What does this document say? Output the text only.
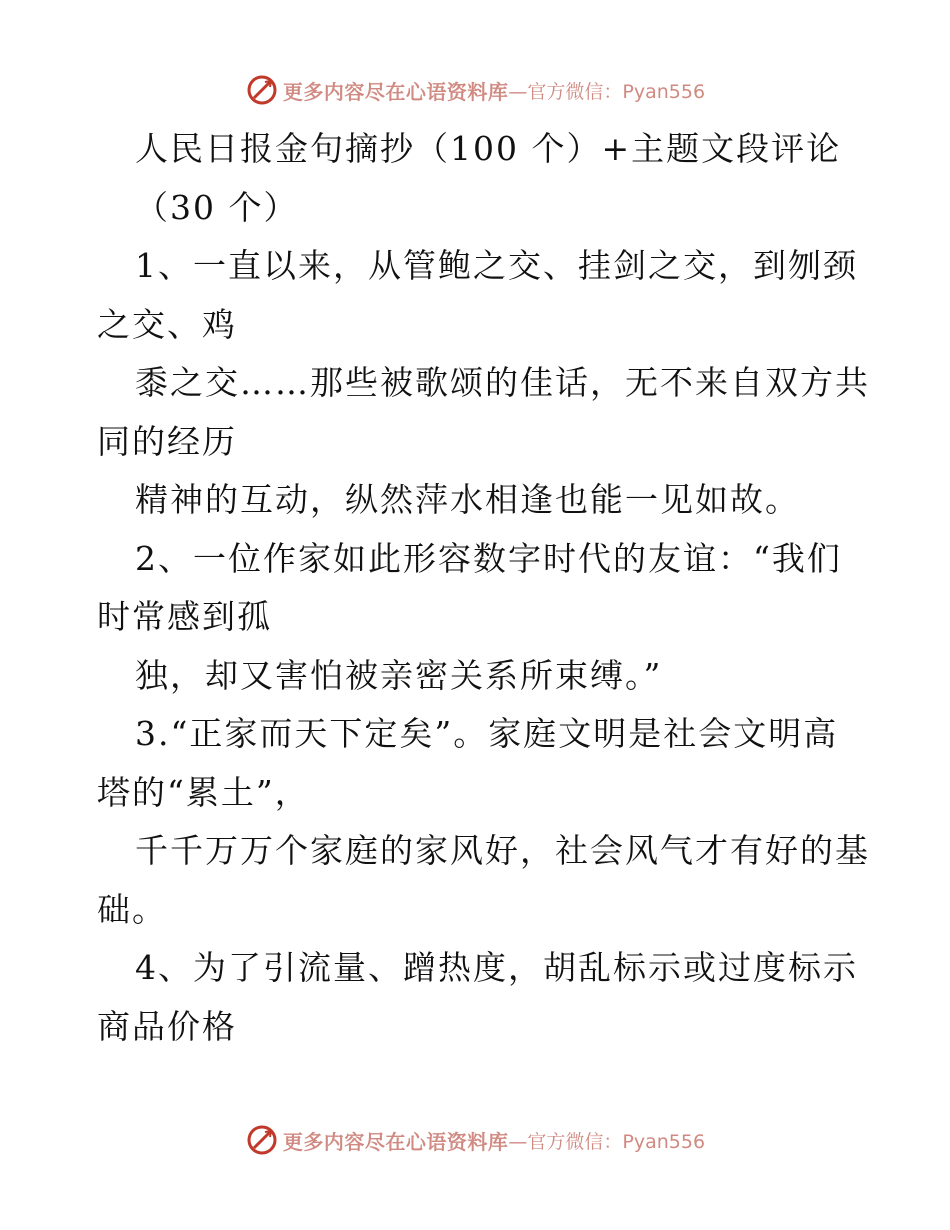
更多内容尽在心语资料库 —官方微信：Pyan556
人民日报金句摘抄（100 个）+主题文段评论
（30 个）
1、一直以来，从管鲍之交、挂剑之交，到刎颈
之交、鸡
黍之交……那些被歌颂的佳话，无不来自双方共
同的经历
精神的互动，纵然萍水相逢也能一见如故。
2、一位作家如此形容数字时代的友谊：“我们
时常感到孤
独，却又害怕被亲密关系所束缚。”
3.“正家而天下定矣”。家庭文明是社会文明高
塔的“累土”，
千千万万个家庭的家风好，社会风气才有好的基
础。
4、为了引流量、蹭热度，胡乱标示或过度标示
商品价格
更多内容尽在心语资料库 —官方微信：Pyan556
